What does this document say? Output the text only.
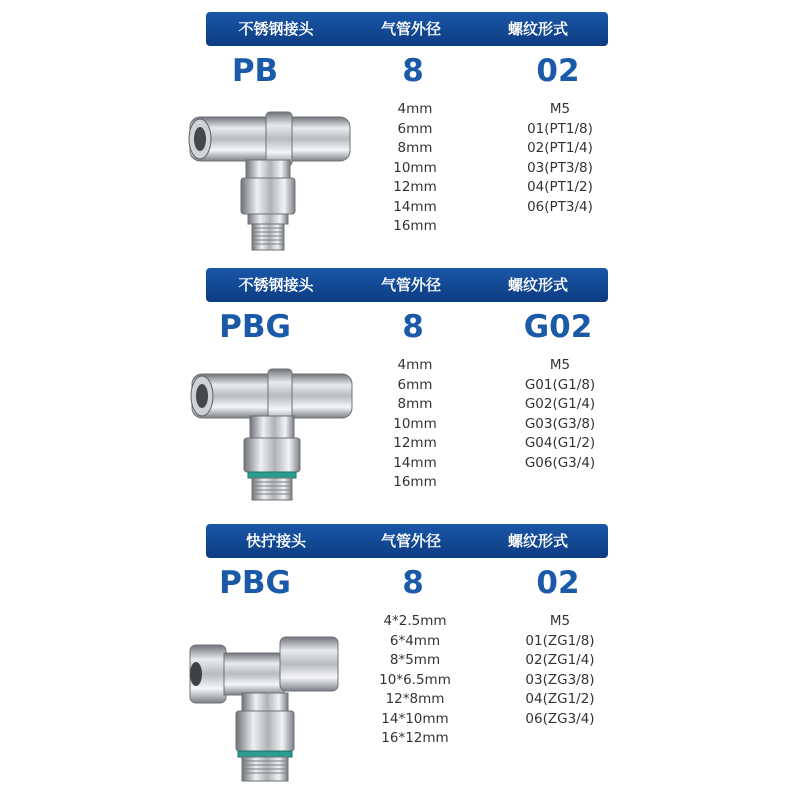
不锈钢接头	气管外径	螺纹形式
PB	8	02
4mm
6mm
8mm
10mm
12mm
14mm
16mm
M5
01(PT1/8)
02(PT1/4)
03(PT3/8)
04(PT1/2)
06(PT3/4)
不锈钢接头	气管外径	螺纹形式
PBG	8	G02
4mm
6mm
8mm
10mm
12mm
14mm
16mm
M5
G01(G1/8)
G02(G1/4)
G03(G3/8)
G04(G1/2)
G06(G3/4)
快拧接头	气管外径	螺纹形式
PBG	8	02
4*2.5mm
6*4mm
8*5mm
10*6.5mm
12*8mm
14*10mm
16*12mm
M5
01(ZG1/8)
02(ZG1/4)
03(ZG3/8)
04(ZG1/2)
06(ZG3/4)
